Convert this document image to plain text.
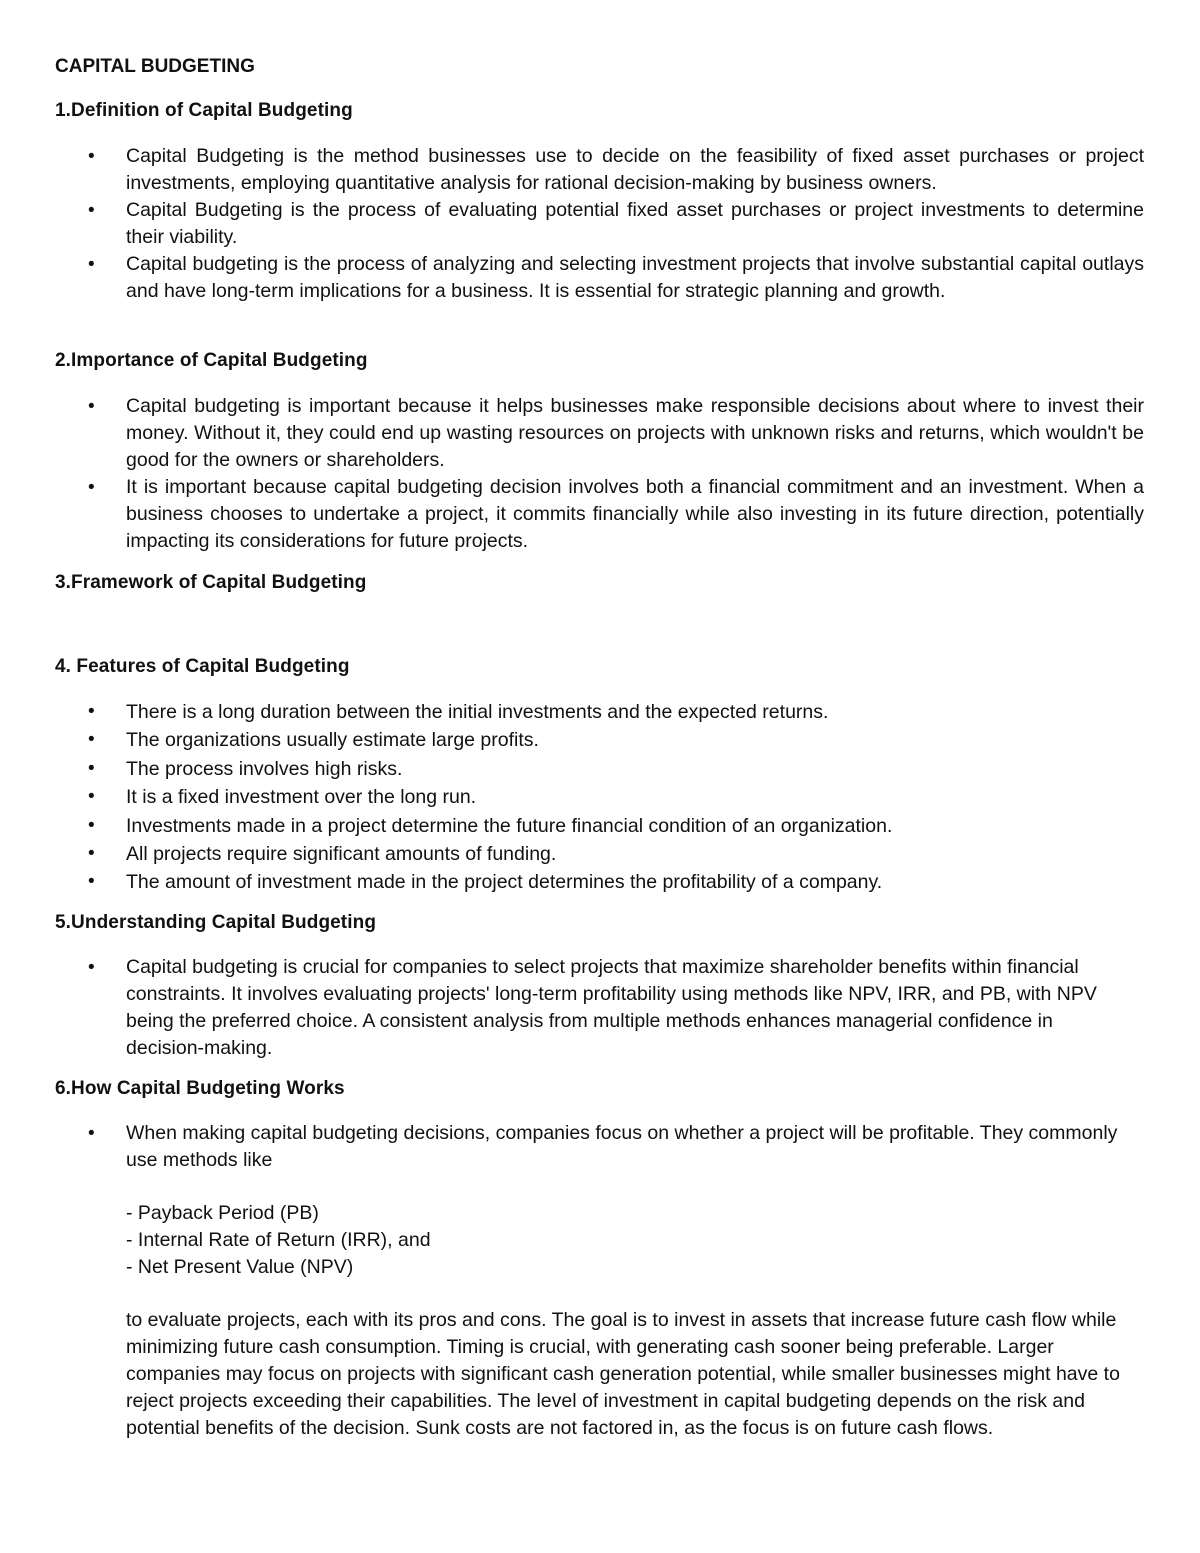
CAPITAL BUDGETING
1.Definition of Capital Budgeting
• Capital Budgeting is the method businesses use to decide on the feasibility of fixed asset purchases or project investments, employing quantitative analysis for rational decision-making by business owners.
• Capital Budgeting is the process of evaluating potential fixed asset purchases or project investments to determine their viability.
• Capital budgeting is the process of analyzing and selecting investment projects that involve substantial capital outlays and have long-term implications for a business. It is essential for strategic planning and growth.
2.Importance of Capital Budgeting
• Capital budgeting is important because it helps businesses make responsible decisions about where to invest their money. Without it, they could end up wasting resources on projects with unknown risks and returns, which wouldn't be good for the owners or shareholders.
• It is important because capital budgeting decision involves both a financial commitment and an investment. When a business chooses to undertake a project, it commits financially while also investing in its future direction, potentially impacting its considerations for future projects.
3.Framework of Capital Budgeting
4. Features of Capital Budgeting
• There is a long duration between the initial investments and the expected returns.
• The organizations usually estimate large profits.
• The process involves high risks.
• It is a fixed investment over the long run.
• Investments made in a project determine the future financial condition of an organization.
• All projects require significant amounts of funding.
• The amount of investment made in the project determines the profitability of a company.
5.Understanding Capital Budgeting
• Capital budgeting is crucial for companies to select projects that maximize shareholder benefits within financial constraints. It involves evaluating projects' long-term profitability using methods like NPV, IRR, and PB, with NPV being the preferred choice. A consistent analysis from multiple methods enhances managerial confidence in decision-making.
6.How Capital Budgeting Works
• When making capital budgeting decisions, companies focus on whether a project will be profitable. They commonly use methods like
- Payback Period (PB)
- Internal Rate of Return (IRR), and
- Net Present Value (NPV)
to evaluate projects, each with its pros and cons. The goal is to invest in assets that increase future cash flow while minimizing future cash consumption. Timing is crucial, with generating cash sooner being preferable. Larger companies may focus on projects with significant cash generation potential, while smaller businesses might have to reject projects exceeding their capabilities. The level of investment in capital budgeting depends on the risk and potential benefits of the decision. Sunk costs are not factored in, as the focus is on future cash flows.
